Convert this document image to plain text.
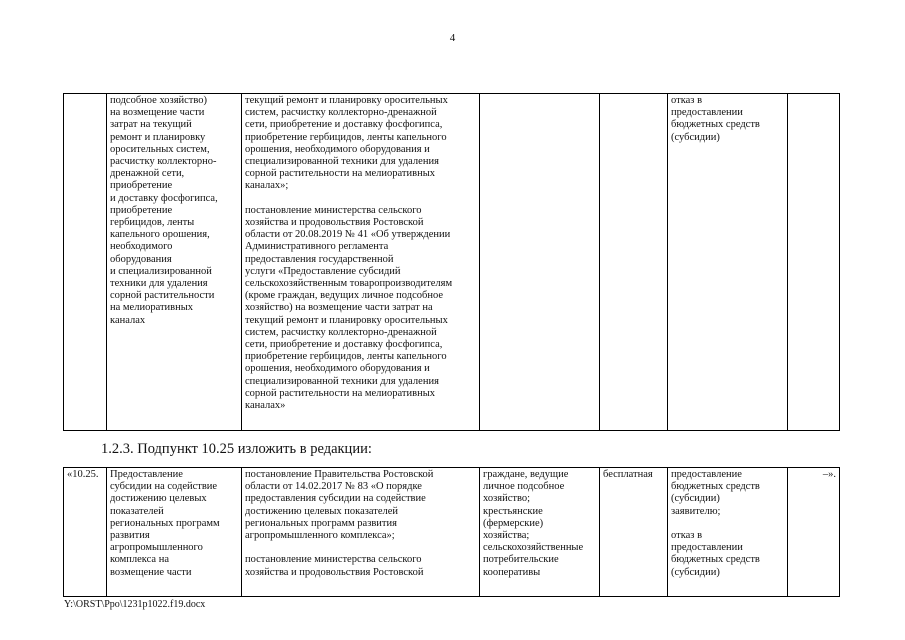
4
	подсобное хозяйство)
на возмещение части
затрат на текущий
ремонт и планировку
оросительных систем,
расчистку коллекторно-
дренажной сети,
приобретение
и доставку фосфогипса,
приобретение
гербицидов, ленты
капельного орошения,
необходимого
оборудования
и специализированной
техники для удаления
сорной растительности
на мелиоративных
каналах	текущий ремонт и планировку оросительных
систем, расчистку коллекторно-дренажной
сети, приобретение и доставку фосфогипса,
приобретение гербицидов, ленты капельного
орошения, необходимого оборудования и
специализированной техники для удаления
сорной растительности на мелиоративных
каналах»;

постановление министерства сельского
хозяйства и продовольствия Ростовской
области от 20.08.2019 № 41 «Об утверждении
Административного регламента
предоставления государственной
услуги «Предоставление субсидий
сельскохозяйственным товаропроизводителям
(кроме граждан, ведущих личное подсобное
хозяйство) на возмещение части затрат на
текущий ремонт и планировку оросительных
систем, расчистку коллекторно-дренажной
сети, приобретение и доставку фосфогипса,
приобретение гербицидов, ленты капельного
орошения, необходимого оборудования и
специализированной техники для удаления
сорной растительности на мелиоративных
каналах»			отказ в
предоставлении
бюджетных средств
(субсидии)	
1.2.3. Подпункт 10.25 изложить в редакции:
«10.25.	Предоставление
субсидии на содействие
достижению целевых
показателей
региональных программ
развития
агропромышленного
комплекса на
возмещение части	постановление Правительства Ростовской
области от 14.02.2017 № 83 «О порядке
предоставления субсидии на содействие
достижению целевых показателей
региональных программ развития
агропромышленного комплекса»;

постановление министерства сельского
хозяйства и продовольствия Ростовской	граждане, ведущие
личное подсобное
хозяйство;
крестьянские
(фермерские)
хозяйства;
сельскохозяйственные
потребительские
кооперативы	бесплатная	предоставление
бюджетных средств
(субсидии)
заявителю;

отказ в
предоставлении
бюджетных средств
(субсидии)	–».
Y:\ORST\Ppo\1231p1022.f19.docx
